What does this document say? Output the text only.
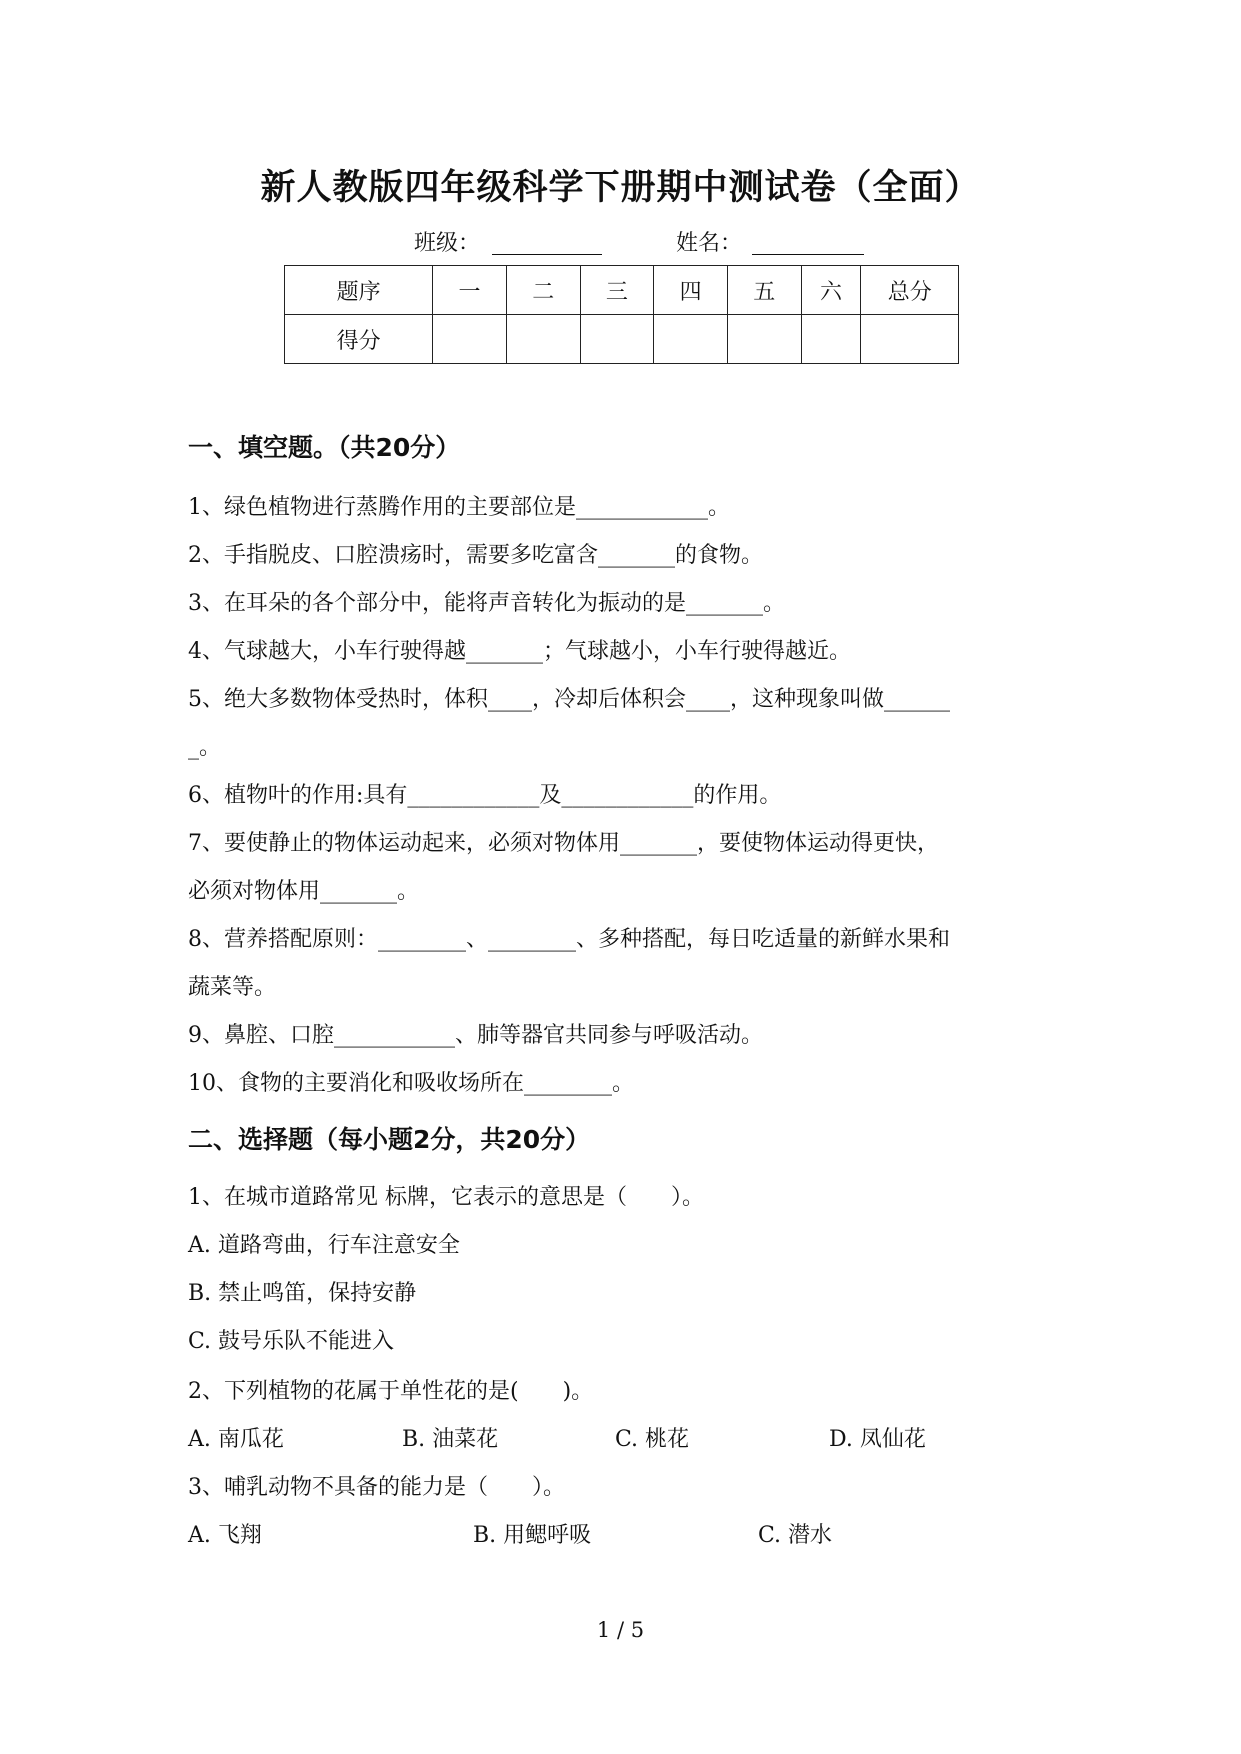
新人教版四年级科学下册期中测试卷（全面）
班级：	姓名：
题序	一	二	三	四	五	六	总分
得分							
一、填空题。（共20分）
1、绿色植物进行蒸腾作用的主要部位是____________。
2、手指脱皮、口腔溃疡时，需要多吃富含_______的食物。
3、在耳朵的各个部分中，能将声音转化为振动的是_______。
4、气球越大，小车行驶得越_______；气球越小，小车行驶得越近。
5、绝大多数物体受热时，体积____，冷却后体积会____，这种现象叫做______
_。
6、植物叶的作用:具有____________及____________的作用。
7、要使静止的物体运动起来，必须对物体用_______，要使物体运动得更快，
必须对物体用_______。
8、营养搭配原则：________、________、多种搭配，每日吃适量的新鲜水果和
蔬菜等。
9、鼻腔、口腔___________、肺等器官共同参与呼吸活动。
10、食物的主要消化和吸收场所在________。
二、选择题（每小题2分，共20分）
1、在城市道路常见 标牌，它表示的意思是（　　）。
A. 道路弯曲，行车注意安全
B. 禁止鸣笛，保持安静
C. 鼓号乐队不能进入
2、下列植物的花属于单性花的是(　　)。
A. 南瓜花	B. 油菜花	C. 桃花	D. 凤仙花
3、哺乳动物不具备的能力是（　　）。
A. 飞翔	B. 用鳃呼吸	C. 潜水
1 / 5
